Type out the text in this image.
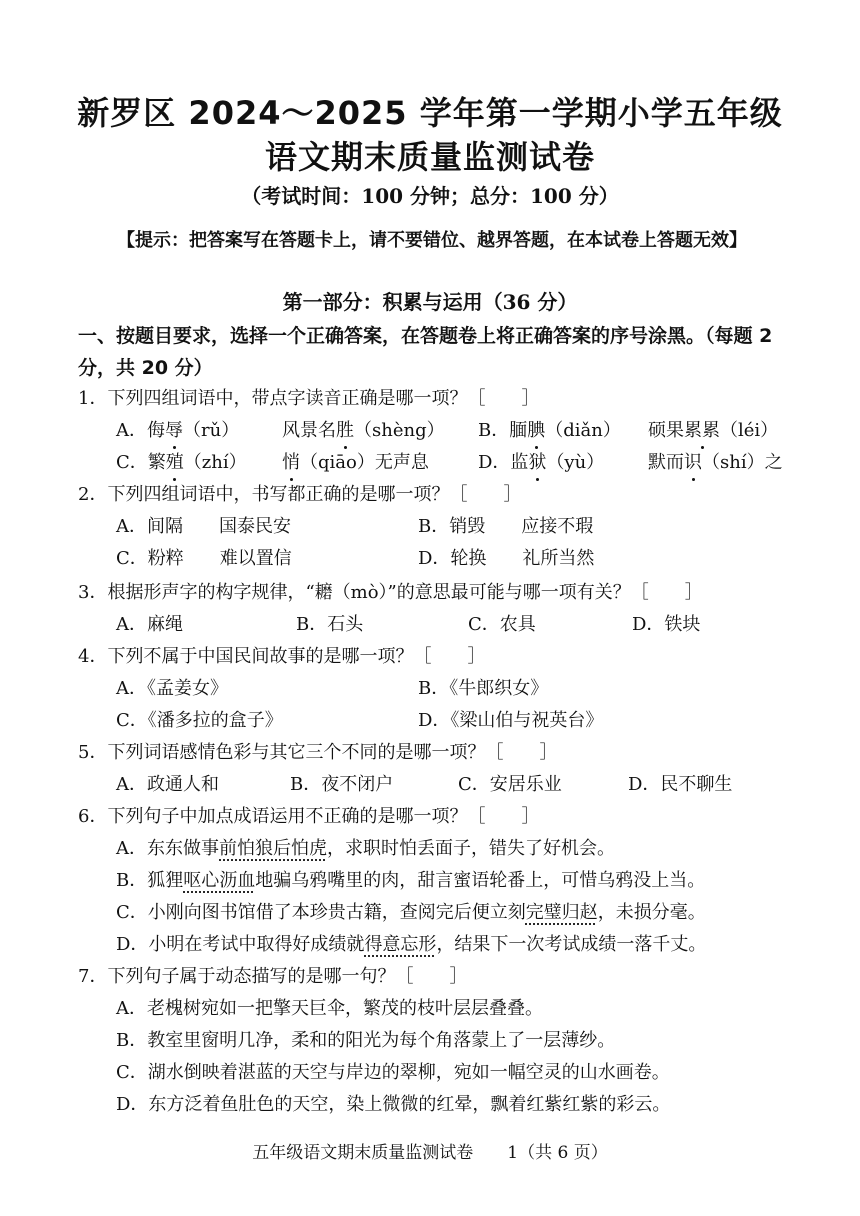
新罗区 2024～2025 学年第一学期小学五年级
语文期末质量监测试卷
（考试时间：100 分钟；总分：100 分）
【提示：把答案写在答题卡上，请不要错位、越界答题，在本试卷上答题无效】
第一部分：积累与运用（36 分）
一、按题目要求，选择一个正确答案，在答题卷上将正确答案的序号涂黑。（每题 2 分，共 20 分）
1．下列四组词语中，带点字读音正确是哪一项？［　　］
A．侮辱（rǔ） 风景名胜（shèng） B．腼腆（diǎn） 硕果累累（léi）
C．繁殖（zhí） 悄（qiāo）无声息	D．监狱（yù） 默而识（shí）之
2．下列四组词语中，书写都正确的是哪一项？［　　］
A．间隔　　国泰民安	B．销毁　　应接不瑕
C．粉粹　　难以置信	D．轮换　　礼所当然
3．根据形声字的构字规律，“耱（mò）”的意思最可能与哪一项有关？［　　］
A．麻绳	B．石头	C．农具	D．铁块
4．下列不属于中国民间故事的是哪一项？［　　］
A．《孟姜女》	B．《牛郎织女》
C．《潘多拉的盒子》	D．《梁山伯与祝英台》
5．下列词语感情色彩与其它三个不同的是哪一项？［　　］
A．政通人和	B．夜不闭户	C．安居乐业	D．民不聊生
6．下列句子中加点成语运用不正确的是哪一项？［　　］
A．东东做事前怕狼后怕虎，求职时怕丢面子，错失了好机会。
B．狐狸呕心沥血地骗乌鸦嘴里的肉，甜言蜜语轮番上，可惜乌鸦没上当。
C．小刚向图书馆借了本珍贵古籍，查阅完后便立刻完璧归赵，未损分毫。
D．小明在考试中取得好成绩就得意忘形，结果下一次考试成绩一落千丈。
7．下列句子属于动态描写的是哪一句？［　　］
A．老槐树宛如一把擎天巨伞，繁茂的枝叶层层叠叠。
B．教室里窗明几净，柔和的阳光为每个角落蒙上了一层薄纱。
C．湖水倒映着湛蓝的天空与岸边的翠柳，宛如一幅空灵的山水画卷。
D．东方泛着鱼肚色的天空，染上微微的红晕，飘着红紫红紫的彩云。
五年级语文期末质量监测试卷　　1（共 6 页）
